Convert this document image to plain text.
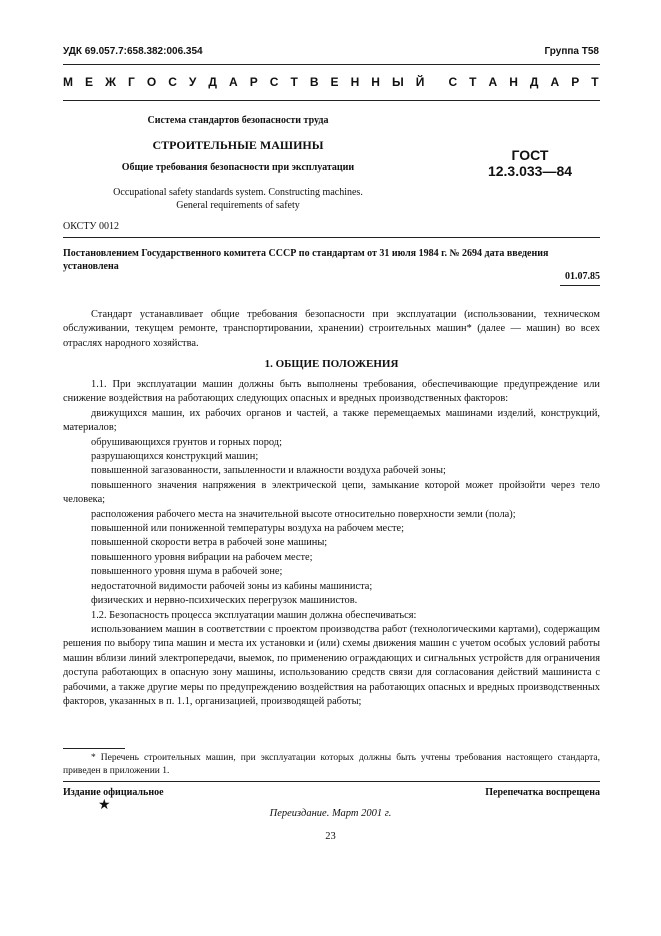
УДК 69.057.7:658.382:006.354	Группа Т58
М Е Ж Г О С У Д А Р С Т В Е Н Н Ы Й С Т А Н Д А Р Т
Система стандартов безопасности труда
СТРОИТЕЛЬНЫЕ МАШИНЫ
Общие требования безопасности при эксплуатации
Occupational safety standards system. Constructing machines.
General requirements of safety
ГОСТ
12.3.033—84
ОКСТУ 0012
Постановлением Государственного комитета СССР по стандартам от 31 июля 1984 г. № 2694 дата введения установлена
01.07.85

Стандарт устанавливает общие требования безопасности при эксплуатации (использовании, техническом обслуживании, текущем ремонте, транспортировании, хранении) строительных машин* (далее — машин) во всех отраслях народного хозяйства.

1. ОБЩИЕ ПОЛОЖЕНИЯ

1.1. При эксплуатации машин должны быть выполнены требования, обеспечивающие предупреждение или снижение воздействия на работающих следующих опасных и вредных производственных факторов:

движущихся машин, их рабочих органов и частей, а также перемещаемых машинами изделий, конструкций, материалов;

обрушивающихся грунтов и горных пород;

разрушающихся конструкций машин;

повышенной загазованности, запыленности и влажности воздуха рабочей зоны;

повышенного значения напряжения в электрической цепи, замыкание которой может пройзойти через тело человека;

расположения рабочего места на значительной высоте относительно поверхности земли (пола);

повышенной или пониженной температуры воздуха на рабочем месте;

повышенной скорости ветра в рабочей зоне машины;

повышенного уровня вибрации на рабочем месте;

повышенного уровня шума в рабочей зоне;

недостаточной видимости рабочей зоны из кабины машиниста;

физических и нервно-психических перегрузок машинистов.

1.2. Безопасность процесса эксплуатации машин должна обеспечиваться:

использованием машин в соответствии с проектом производства работ (технологическими картами), содержащим решения по выбору типа машин и места их установки и (или) схемы движения машин с учетом особых условий работы машин вблизи линий электропередачи, выемок, по применению ограждающих и сигнальных устройств для ограничения доступа работающих в опасную зону машины, использованию средств связи для согласования действий машиниста с рабочими, а также другие меры по предупреждению воздействия на работающих опасных и вредных производственных факторов, указанных в п. 1.1, организацией, производящей работы;

* Перечень строительных машин, при эксплуатации которых должны быть учтены требования настоящего стандарта, приведен в приложении 1.

Издание официальное	Перепечатка воспрещена
★
Переиздание. Март 2001 г.
23
